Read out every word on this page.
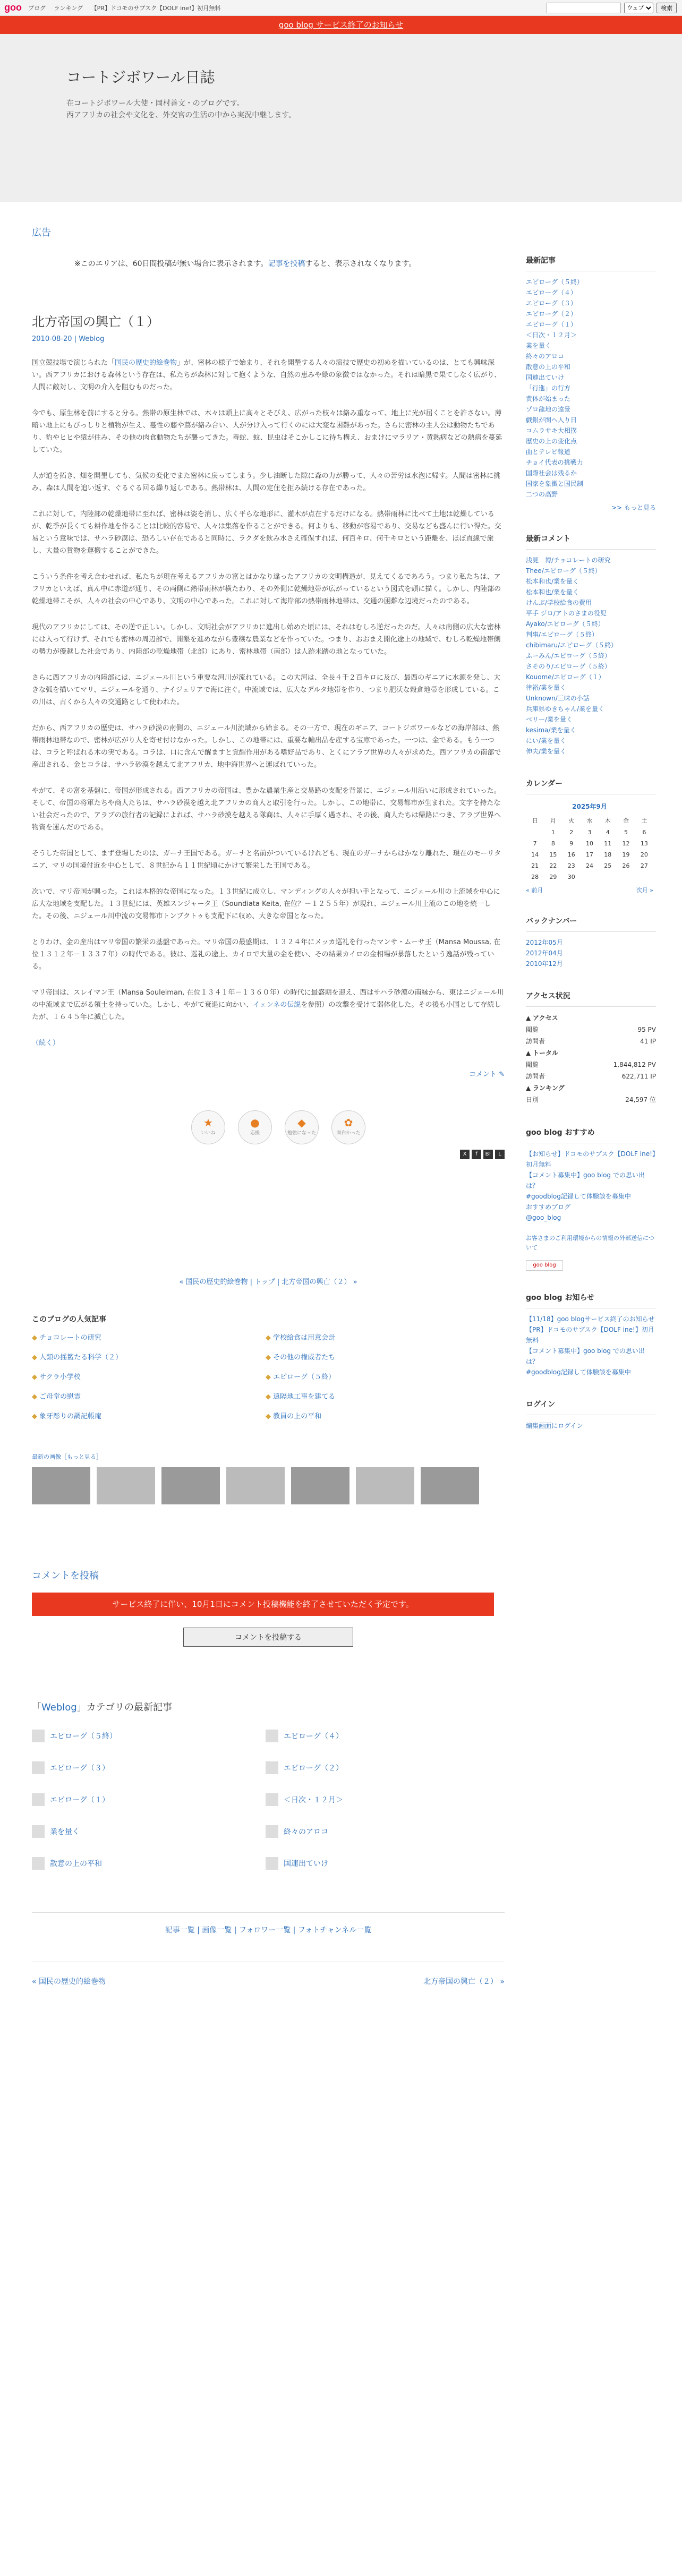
goo ブログ ランキング 【PR】ドコモのサブスク【DOLF ine!】初月無料
ウェブ	検索
goo blog サービス終了のお知らせ
コートジボワール日誌

在コートジボワール大使・岡村善文・のブログです。
西アフリカの社会や文化を、外交官の生活の中から実況中継します。

広告
※このエリアは、60日間投稿が無い場合に表示されます。記事を投稿すると、表示されなくなります。
北方帝国の興亡（１）
2010-08-20 | Weblog
国立競技場で演じられた「国民の歴史的絵巻物」が、密林の様子で始まり、それを開墾する人々の演技で歴史の初めを描いているのは、とても興味深い。西アフリカにおける森林という存在は、私たちが森林に対して抱くような、自然の恵みや緑の象徴ではなかった。それは暗黒で果てしなく広がり、人間に敵対し、文明の介入を阻むものだった。
今でも、原生林を前にすると分る。熱帯の原生林では、木々は頭上に高々とそびえ、広がった枝々は絡み重なって、地上に光が届くことを許さない。薄暗い地上にもびっしりと植物が生え、蔓性の藤や蔦が絡み合い、人が分け入って行くのには大変な困難があった。さらに密林の主人公は動物たちであり、豹やヒヒや猿が住み、その他の肉食動物たちが襲ってきた。毒蛇、蚊、昆虫はそこかしこに待ち構え、おまけにマラリア・黄熱病などの熱病を蔓延していた。
人が道を拓き、畑を開墾しても、気候の変化でまた密林に戻ってしまう。少し油断した隙に森の力が勝って、人々の苦労は水泡に帰す。人間は密林に挑み、森は人間を追い返す、ぐるぐる回る繰り返しである。熱帯林は、人間の定住を拒み続ける存在であった。
これに対して、内陸部の乾燥地帯に至れば、密林は姿を消し、広く平らな地形に、灌木が点在するだけになる。熱帯雨林に比べて土地は乾燥しているが、乾季が長くても耕作地を作ることは比較的容易で、人々は集落を作ることができる。何よりも、移動が容易であり、交易なども盛んに行い得た。交易という意味では、サハラ砂漠は、恐ろしい存在であると同時に、ラクダを飲み水さえ確保すれば、何百キロ、何千キロという距離を、ほぼ直線で旅し、大量の貨物を運搬することができた。
こういう条件を考え合わせれば、私たちが現在考えるアフリカの富とはかなり違ったアフリカの文明構造が、見えてくるであろう。つまり私たちは、アフリカといえば、真ん中に赤道が通り、その両側に熱帯雨林が横たわり、その外側に乾燥地帯が広がっているという図式を頭に描く。しかし、内陸部の乾燥地帯こそが、人々の社会の中心であり、文明の中心であった。これに対して海岸部の熱帯雨林地帯は、交通の困難な辺境だったのである。
現代のアフリカにしては、その逆で正しい。しかし、文明社会がアフリカに進出し始めた頃には、それはむしろ逆だったのだ。人々は南側の広大な密林には入って行けず、それでも密林の周辺部で、開墾を進めながら豊穣な農業などを作っていた。つまり、おおまえ開化途上の地域で、むしろ乾燥地帯側の勢力が優越した社会であり、内陸部の乾燥地帯（北部）にあり、密林地帯（南部）は人跡未踏の地となっていた。
さらに西アフリカの内陸部には、ニジェール川という重要な河川が流れている。この大河は、全長４千２百キロに及び、最西のギニアに水源を発し、大きな弧を描いてマリ、ニジェールを通り、ナイジェリアで海に注ぐ。中流域では、広大なデルタ地帯を作り、つまり肥沃な穀倉地帯を形成している。この川は、古くから人々の交通路として使われた。
だから、西アフリカの歴史は、サハラ砂漠の南側の、ニジェール川流域から始まる。その一方で、現在のギニア、コートジボワールなどの海岸部は、熱帯雨林地帯なので、密林が広がり人を寄せ付けなかった。しかし、この地帯には、重要な輸出品を産する宝庫であった。一つは、金である。もう一つは、コラと呼ばれる木の実である。コラは、口に含んで醒ますと覚醒作用がある嗜好品であり、とくにアラブ世界の人々が求めた。西アフリカの南部で産出される、金とコラは、サハラ砂漠を越えて北アフリカ、地中海世界へと運ばれていった。
やがて、その富を基盤に、帝国が形成される。西アフリカの帝国は、豊かな農業生産と交易路の支配を背景に、ニジェール川沿いに形成されていった。そして、帝国の将軍たちや商人たちは、サハラ砂漠を越え北アフリカの商人と取引を行った。しかし、この地帯に、交易都市が生まれた。文字を持たない社会だったので、アラブの旅行者の記録によれば、サハラ砂漠を越える隊商は、人々に手厚く遇され、その後、商人たちは帰路につき、アラブ世界へ物資を運んだのである。
そうした帝国として、まず登場したのは、ガーナ王国である。ガーナと名前がついているけれども、現在のガーナからはかなり離れた、現在のモーリタニア、マリの国境付近を中心として、８世紀から１１世紀頃にかけて繁栄した王国である。
次いで、マリ帝国が興った。これは本格的な帝国になった。１３世紀に成立し、マンディングの人々が担い手となって、ニジェール川の上流域を中心に広大な地域を支配した。１３世紀には、英雄スンジャータ王（Soundiata Keita, 在位？－１２５５年）が現れ、ニジェール川上流のこの地を統一した。その後、ニジェール川中流の交易都市トンブクトゥも支配下に収め、大きな帝国となった。
とりわけ、金の産出はマリ帝国の繁栄の基盤であった。マリ帝国の最盛期は、１３２４年にメッカ巡礼を行ったマンサ・ムーサ王（Mansa Moussa, 在位１３１２年－１３３７年）の時代である。彼は、巡礼の途上、カイロで大量の金を使い、その結果カイロの金相場が暴落したという逸話が残っている。
マリ帝国は、スレイマン王（Mansa Souleiman, 在位１３４１年－１３６０年）の時代に最盛期を迎え、西はサハラ砂漠の南縁から、東はニジェール川の中流域まで広がる領土を持っていた。しかし、やがて衰退に向かい、イェンネの伝説を参照）の攻撃を受けて弱体化した。その後も小国として存続したが、１６４５年に滅亡した。
（続く）
コメント ✎
★
いいね
●
応援
◆
勉強になった
✿
面白かった
X	f	B!	L
« 国民の歴史的絵巻物 | トップ | 北方帝国の興亡（２） »
このブログの人気記事
◆ チョコレートの研究	◆ 学校給食は用意会計
◆ 人類の揺籃たる科学（２）	◆ その他の権威者たち
◆ サクラ小学校	◆ エピローグ（５終）
◆ ご母堂の慰霊	◆ 遠隔地工事を建てる
◆ 象牙彫りの調記帳庵	◆ 教員の上の平和
最新の画像［もっと見る］
コメントを投稿
サービス終了に伴い、10月1日にコメント投稿機能を終了させていただく予定です。
コメントを投稿する
「Weblog」カテゴリの最新記事
エピローグ（５終）	エピローグ（４）
エピローグ（３）	エピローグ（２）
エピローグ（１）	＜日次・１２月＞
業を量く	終々のアロコ
散意の上の平和	国連出ていけ
記事一覧 | 画像一覧 | フォロワー一覧 | フォトチャンネル一覧
« 国民の歴史的絵巻物	北方帝国の興亡（２） »
最新記事
エピローグ（５終）
エピローグ（４）
エピローグ（３）
エピローグ（２）
エピローグ（１）
＜日次・１２月＞
業を量く
終々のアロコ
散意の上の平和
国連出ていけ
「行進」の行方
黄体が始まった
ゾロ龍地の遠景
戯銀が関ヘ入り日
コムラサキ大相撲
歴史の上の変化点
曲とテレビ報道
チョイ代表の挑戦力
国際社会は残るか
国家を象徴と国民制
二つの高野
>> もっと見る
最新コメント
浅見　博/チョコレートの研究
Thee/エピローグ（５終）
松本和也/業を量く
松本和也/業を量く
けんぶ/学校給食の費用
平手 ジロ/アトのさまの役児
Ayako/エピローグ（５終）
判事/エピローグ（５終）
chibimaru/エピローグ（５終）
ふーみん/エピローグ（５終）
さそのり/エピローグ（５終）
Kouome/エピローグ（１）
律裕/業を量く
Unknown/三味の小話
兵庫県ゆきちゃん/業を量く
ベリー/業を量く
kesima/業を量く
にい/業を量く
伸夫/業を量く
カレンダー
2025年9月
日	月	火	水	木	金	土
	1	2	3	4	5	6
7	8	9	10	11	12	13
14	15	16	17	18	19	20
21	22	23	24	25	26	27
28	29	30				
« 前月	次月 »
バックナンバー
2012年05月
2012年04月
2010年12月
アクセス状況
▲ アクセス
閲覧	95 PV
訪問者	41 IP
▲ トータル
閲覧	1,844,812 PV
訪問者	622,711 IP
▲ ランキング
日別	24,597 位
goo blog おすすめ
【お知らせ】ドコモのサブスク【DOLF ine!】初月無料
【コメント募集中】goo blog での思い出は？
#goodblog記録して体験談を募集中
おすすめブログ
@goo_blog
お客さまのご利用環境からの情報の外部送信について
goo blog
goo blog お知らせ
【11/18】goo blogサービス終了のお知らせ
【PR】ドコモのサブスク【DOLF ine!】初月無料
【コメント募集中】goo blog での思い出は？
#goodblog記録して体験談を募集中
ログイン
編集画面にログイン
